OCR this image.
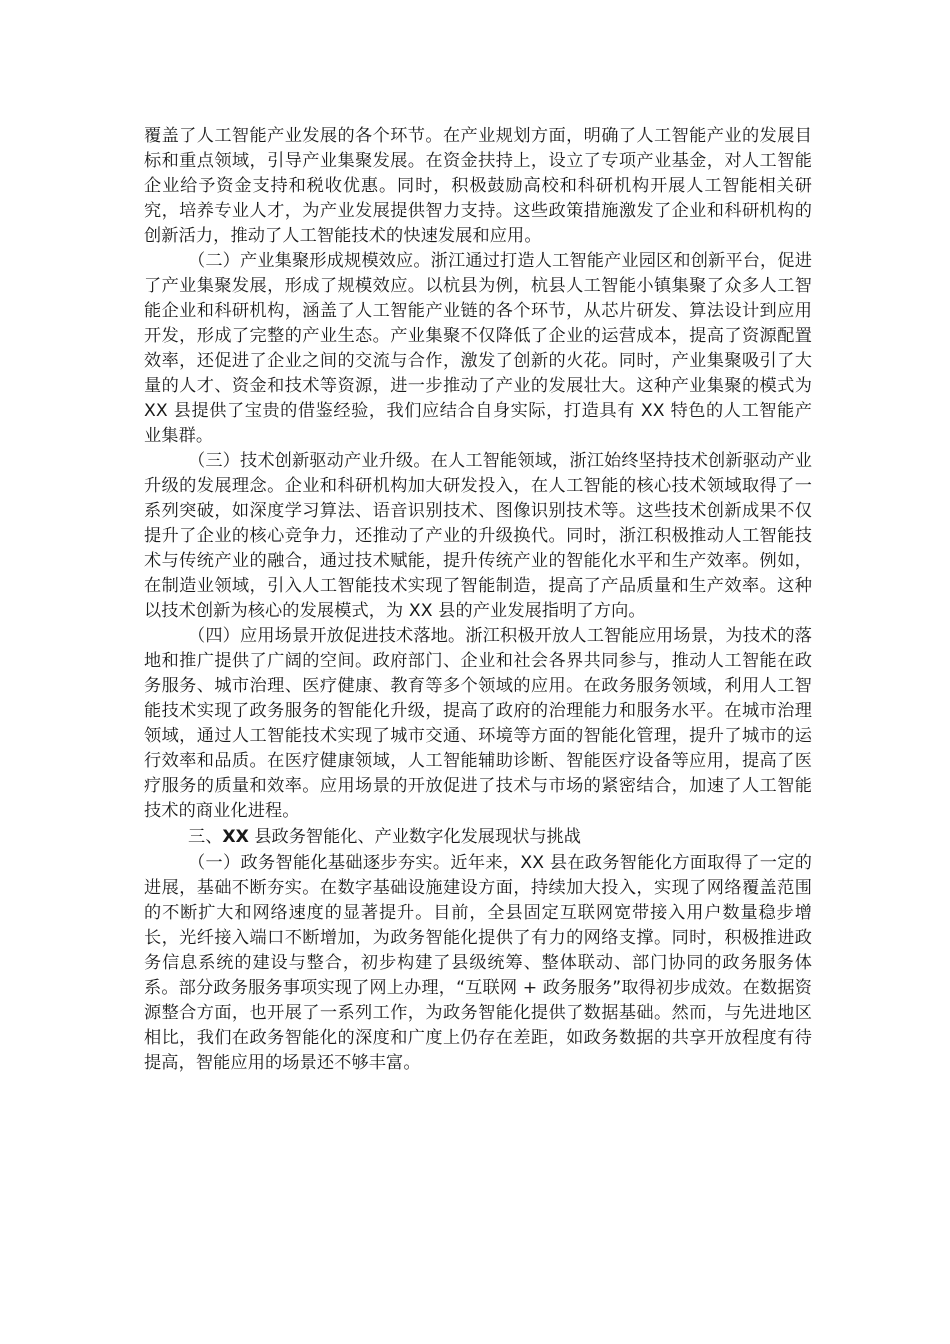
覆盖了人工智能产业发展的各个环节。在产业规划方面，明确了人工智能产业的发展目标和重点领域，引导产业集聚发展。在资金扶持上，设立了专项产业基金，对人工智能企业给予资金支持和税收优惠。同时，积极鼓励高校和科研机构开展人工智能相关研究，培养专业人才，为产业发展提供智力支持。这些政策措施激发了企业和科研机构的创新活力，推动了人工智能技术的快速发展和应用。

（二）产业集聚形成规模效应。浙江通过打造人工智能产业园区和创新平台，促进了产业集聚发展，形成了规模效应。以杭县为例，杭县人工智能小镇集聚了众多人工智能企业和科研机构，涵盖了人工智能产业链的各个环节，从芯片研发、算法设计到应用开发，形成了完整的产业生态。产业集聚不仅降低了企业的运营成本，提高了资源配置效率，还促进了企业之间的交流与合作，激发了创新的火花。同时，产业集聚吸引了大量的人才、资金和技术等资源，进一步推动了产业的发展壮大。这种产业集聚的模式为 XX 县提供了宝贵的借鉴经验，我们应结合自身实际，打造具有 XX 特色的人工智能产业集群。

（三）技术创新驱动产业升级。在人工智能领域，浙江始终坚持技术创新驱动产业升级的发展理念。企业和科研机构加大研发投入，在人工智能的核心技术领域取得了一系列突破，如深度学习算法、语音识别技术、图像识别技术等。这些技术创新成果不仅提升了企业的核心竞争力，还推动了产业的升级换代。同时，浙江积极推动人工智能技术与传统产业的融合，通过技术赋能，提升传统产业的智能化水平和生产效率。例如，在制造业领域，引入人工智能技术实现了智能制造，提高了产品质量和生产效率。这种以技术创新为核心的发展模式，为 XX 县的产业发展指明了方向。

（四）应用场景开放促进技术落地。浙江积极开放人工智能应用场景，为技术的落地和推广提供了广阔的空间。政府部门、企业和社会各界共同参与，推动人工智能在政务服务、城市治理、医疗健康、教育等多个领域的应用。在政务服务领域，利用人工智能技术实现了政务服务的智能化升级，提高了政府的治理能力和服务水平。在城市治理领域，通过人工智能技术实现了城市交通、环境等方面的智能化管理，提升了城市的运行效率和品质。在医疗健康领域，人工智能辅助诊断、智能医疗设备等应用，提高了医疗服务的质量和效率。应用场景的开放促进了技术与市场的紧密结合，加速了人工智能技术的商业化进程。

三、XX 县政务智能化、产业数字化发展现状与挑战

（一）政务智能化基础逐步夯实。近年来，XX 县在政务智能化方面取得了一定的进展，基础不断夯实。在数字基础设施建设方面，持续加大投入，实现了网络覆盖范围的不断扩大和网络速度的显著提升。目前，全县固定互联网宽带接入用户数量稳步增长，光纤接入端口不断增加，为政务智能化提供了有力的网络支撑。同时，积极推进政务信息系统的建设与整合，初步构建了县级统筹、整体联动、部门协同的政务服务体系。部分政务服务事项实现了网上办理，“互联网 + 政务服务”取得初步成效。在数据资源整合方面，也开展了一系列工作，为政务智能化提供了数据基础。然而，与先进地区相比，我们在政务智能化的深度和广度上仍存在差距，如政务数据的共享开放程度有待提高，智能应用的场景还不够丰富。
